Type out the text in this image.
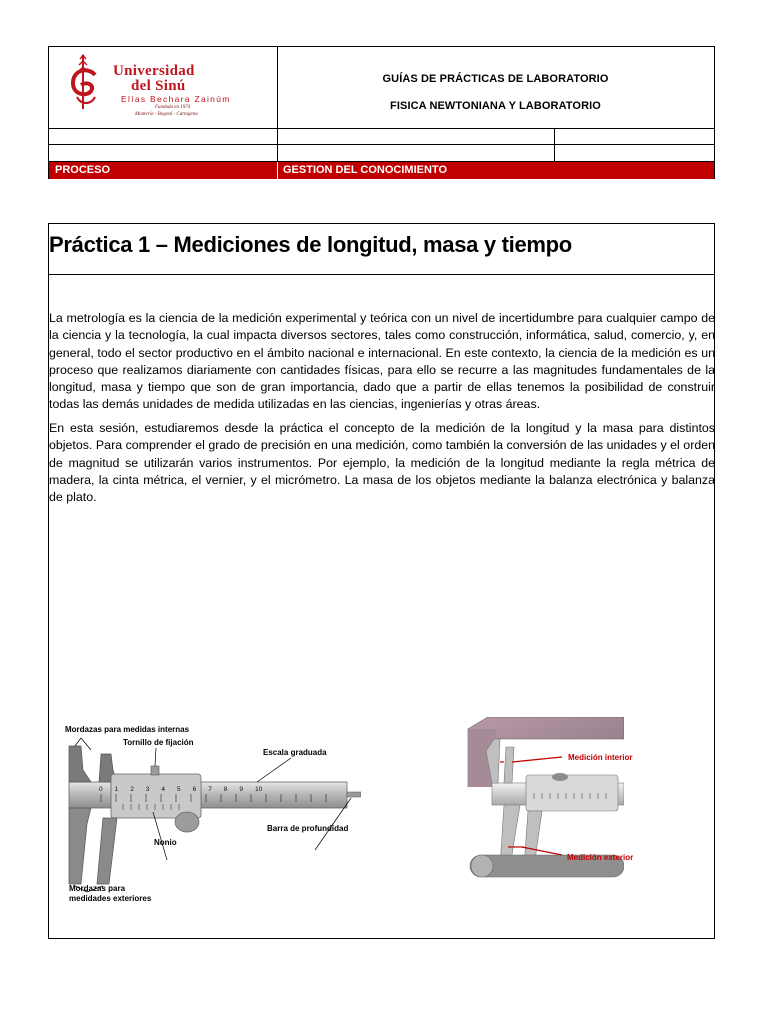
Universidad
del Sinú
Elías Bechara Zainúm
Fundada en 1974
Montería - Bogotá - Cartagena
GUÍAS DE PRÁCTICAS DE LABORATORIO
FISICA NEWTONIANA Y LABORATORIO
PROCESO	GESTION DEL CONOCIMIENTO
Práctica 1 – Mediciones de longitud, masa y tiempo

La metrología es la ciencia de la medición experimental y teórica con un nivel de incertidumbre para cualquier campo de la ciencia y la tecnología, la cual impacta diversos sectores, tales como construcción, informática, salud, comercio, y, en general, todo el sector productivo en el ámbito nacional e internacional. En este contexto, la ciencia de la medición es un proceso que realizamos diariamente con cantidades físicas, para ello se recurre a las magnitudes fundamentales de la longitud, masa y tiempo que son de gran importancia, dado que a partir de ellas tenemos la posibilidad de construir todas las demás unidades de medida utilizadas en las ciencias, ingenierías y otras áreas.

En esta sesión, estudiaremos desde la práctica el concepto de la medición de la longitud y la masa para distintos objetos. Para comprender el grado de precisión en una medición, como también la conversión de las unidades y el orden de magnitud se utilizarán varios instrumentos. Por ejemplo, la medición de la longitud mediante la regla métrica de madera, la cinta métrica, el vernier, y el micrómetro. La masa de los objetos mediante la balanza electrónica y balanza de plato.

0 1 2 3 4 5 6 7 8 9 10
Mordazas para medidas internas
Tornillo de fijación
Escala graduada
Barra de profundidad
Nonio
Mordazas para
medidades exteriores
Medición interior
Medición exterior
